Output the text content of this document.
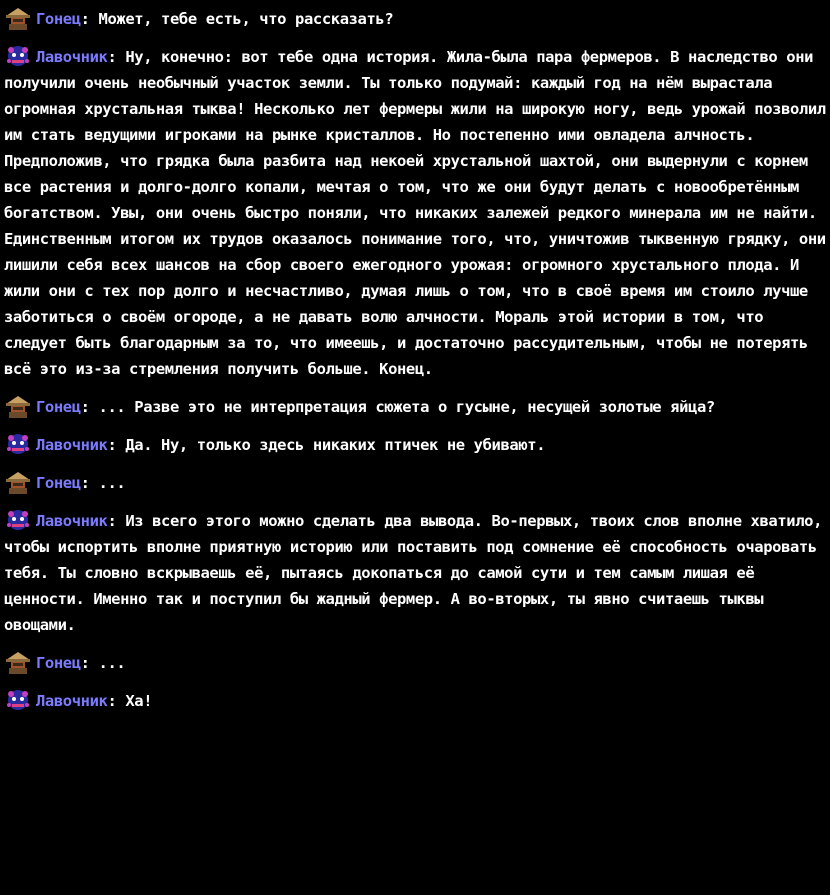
Гонец: Может, тебе есть, что рассказать?
Лавочник: Ну, конечно: вот тебе одна история. Жила-была пара фермеров. В наследство они получили очень необычный участок земли. Ты только подумай: каждый год на нём вырастала огромная хрустальная тыква! Несколько лет фермеры жили на широкую ногу, ведь урожай позволил им стать ведущими игроками на рынке кристаллов. Но постепенно ими овладела алчность. Предположив, что грядка была разбита над некоей хрустальной шахтой, они выдернули с корнем все растения и долго-долго копали, мечтая о том, что же они будут делать с новообретённым богатством. Увы, они очень быстро поняли, что никаких залежей редкого минерала им не найти. Единственным итогом их трудов оказалось понимание того, что, уничтожив тыквенную грядку, они лишили себя всех шансов на сбор своего ежегодного урожая: огромного хрустального плода. И жили они с тех пор долго и несчастливо, думая лишь о том, что в своё время им стоило лучше заботиться о своём огороде, а не давать волю алчности. Мораль этой истории в том, что следует быть благодарным за то, что имеешь, и достаточно рассудительным, чтобы не потерять всё это из-за стремления получить больше. Конец.
Гонец: ... Разве это не интерпретация сюжета о гусыне, несущей золотые яйца?
Лавочник: Да. Ну, только здесь никаких птичек не убивают.
Гонец: ...
Лавочник: Из всего этого можно сделать два вывода. Во-первых, твоих слов вполне хватило, чтобы испортить вполне приятную историю или поставить под сомнение её способность очаровать тебя. Ты словно вскрываешь её, пытаясь докопаться до самой сути и тем самым лишая её ценности. Именно так и поступил бы жадный фермер. А во-вторых, ты явно считаешь тыквы овощами.
Гонец: ...
Лавочник: Ха!
